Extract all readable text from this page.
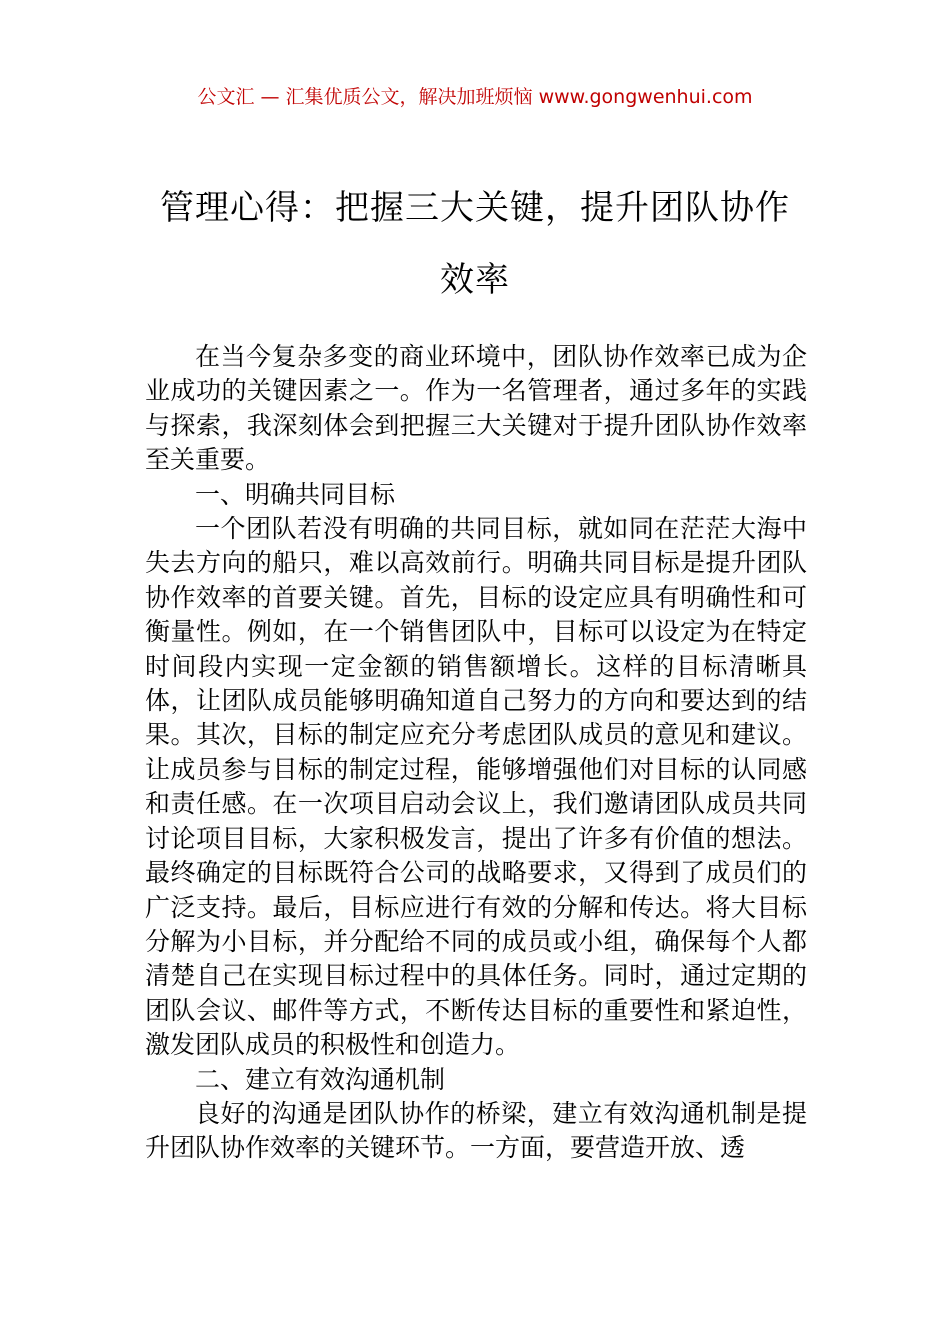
公文汇 — 汇集优质公文，解决加班烦恼 www.gongwenhui.com
管理心得：把握三大关键，提升团队协作效率

在当今复杂多变的商业环境中，团队协作效率已成为企业成功的关键因素之一。作为一名管理者，通过多年的实践与探索，我深刻体会到把握三大关键对于提升团队协作效率至关重要。

一、明确共同目标

一个团队若没有明确的共同目标，就如同在茫茫大海中失去方向的船只，难以高效前行。明确共同目标是提升团队协作效率的首要关键。首先，目标的设定应具有明确性和可衡量性。例如，在一个销售团队中，目标可以设定为在特定时间段内实现一定金额的销售额增长。这样的目标清晰具体，让团队成员能够明确知道自己努力的方向和要达到的结果。其次，目标的制定应充分考虑团队成员的意见和建议。让成员参与目标的制定过程，能够增强他们对目标的认同感和责任感。在一次项目启动会议上，我们邀请团队成员共同讨论项目目标，大家积极发言，提出了许多有价值的想法。最终确定的目标既符合公司的战略要求，又得到了成员们的广泛支持。最后，目标应进行有效的分解和传达。将大目标分解为小目标，并分配给不同的成员或小组，确保每个人都清楚自己在实现目标过程中的具体任务。同时，通过定期的团队会议、邮件等方式，不断传达目标的重要性和紧迫性，激发团队成员的积极性和创造力。

二、建立有效沟通机制

良好的沟通是团队协作的桥梁，建立有效沟通机制是提升团队协作效率的关键环节。一方面，要营造开放、透
